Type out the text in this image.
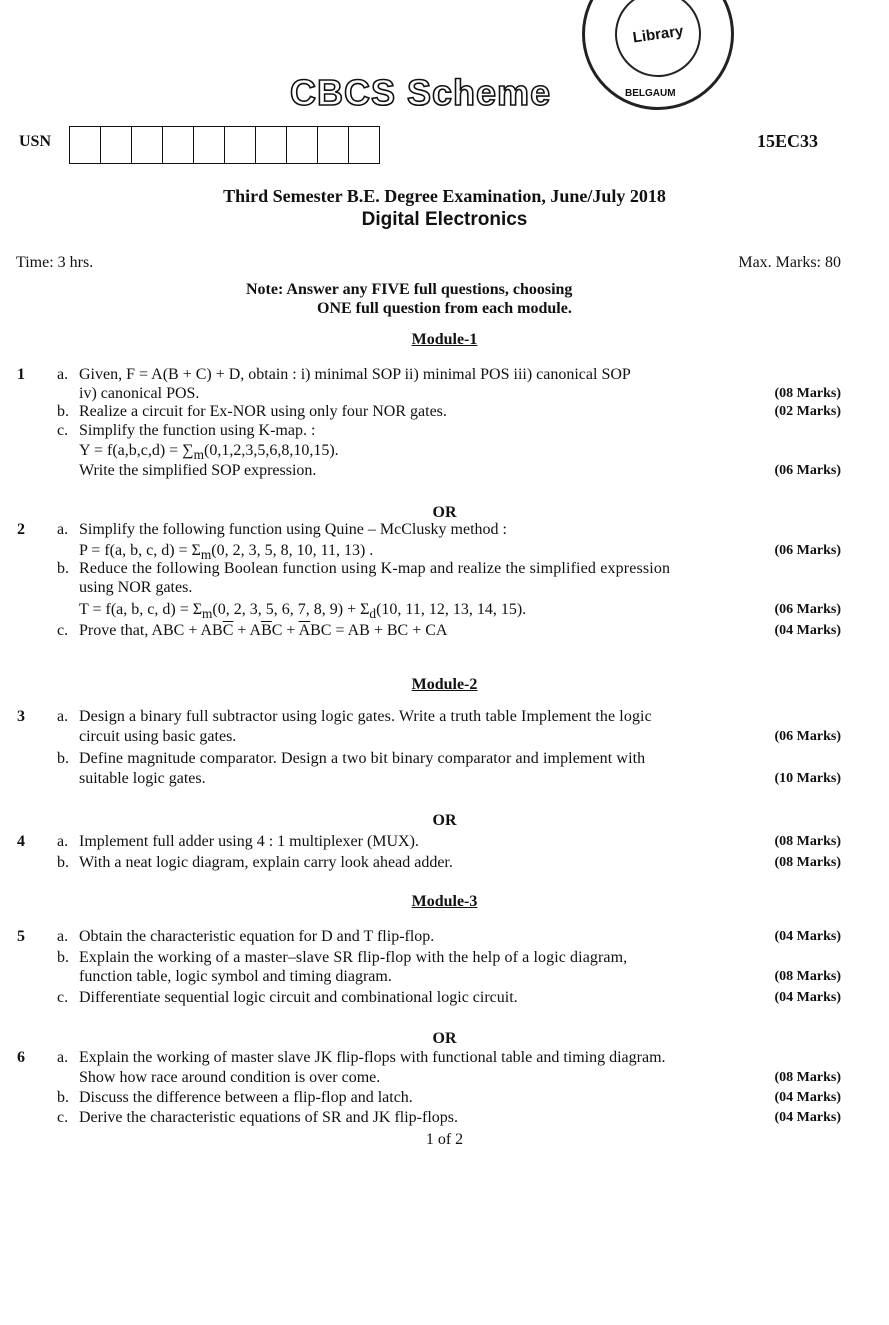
Library
BELGAUM
CBCS Scheme
USN	15EC33
Third Semester B.E. Degree Examination, June/July 2018
Digital Electronics
Time: 3 hrs.	Max. Marks: 80
Note: Answer any FIVE full questions, choosing
ONE full question from each module.
Module-1
1 a. Given, F = A(B + C) + D, obtain : i) minimal SOP ii) minimal POS iii) canonical SOP
iv) canonical POS.	(08 Marks)
b. Realize a circuit for Ex-NOR using only four NOR gates.	(02 Marks)
c. Simplify the function using K-map. :
$Y = f(a,b,c,d) = \sum_m(0,1,2,3,5,6,8,10,15)$.
Write the simplified SOP expression.	(06 Marks)
OR
2 a. Simplify the following function using Quine – McClusky method :
P = f(a, b, c, $d) = \Sigma_m(0$, 2, 3, 5, 8, 10, 11, 13) .	(06 Marks)
b. Reduce the following Boolean function using K-map and realize the simplified expression
using NOR gates.
T = f(a, b, c, $d) = \Sigma_m(0$, 2, 3, 5, 6, 7, 8, $9) + \Sigma_d(10$, 11, 12, 13, 14, 15).	(06 Marks)
c. Prove that, ABC + $AB\overline{C} + A\overline{B}C + \overline{A}BC$ = AB + BC + CA	(04 Marks)
Module-2
3 a. Design a binary full subtractor using logic gates. Write a truth table Implement the logic
circuit using basic gates.	(06 Marks)
b. Define magnitude comparator. Design a two bit binary comparator and implement with
suitable logic gates.	(10 Marks)
OR
4 a. Implement full adder using 4 : 1 multiplexer (MUX).	(08 Marks)
b. With a neat logic diagram, explain carry look ahead adder.	(08 Marks)
Module-3
5 a. Obtain the characteristic equation for D and T flip-flop.	(04 Marks)
b. Explain the working of a master–slave SR flip-flop with the help of a logic diagram,
function table, logic symbol and timing diagram.	(08 Marks)
c. Differentiate sequential logic circuit and combinational logic circuit.	(04 Marks)
OR
6 a. Explain the working of master slave JK flip-flops with functional table and timing diagram.
Show how race around condition is over come.	(08 Marks)
b. Discuss the difference between a flip-flop and latch.	(04 Marks)
c. Derive the characteristic equations of SR and JK flip-flops.	(04 Marks)
1 of 2
